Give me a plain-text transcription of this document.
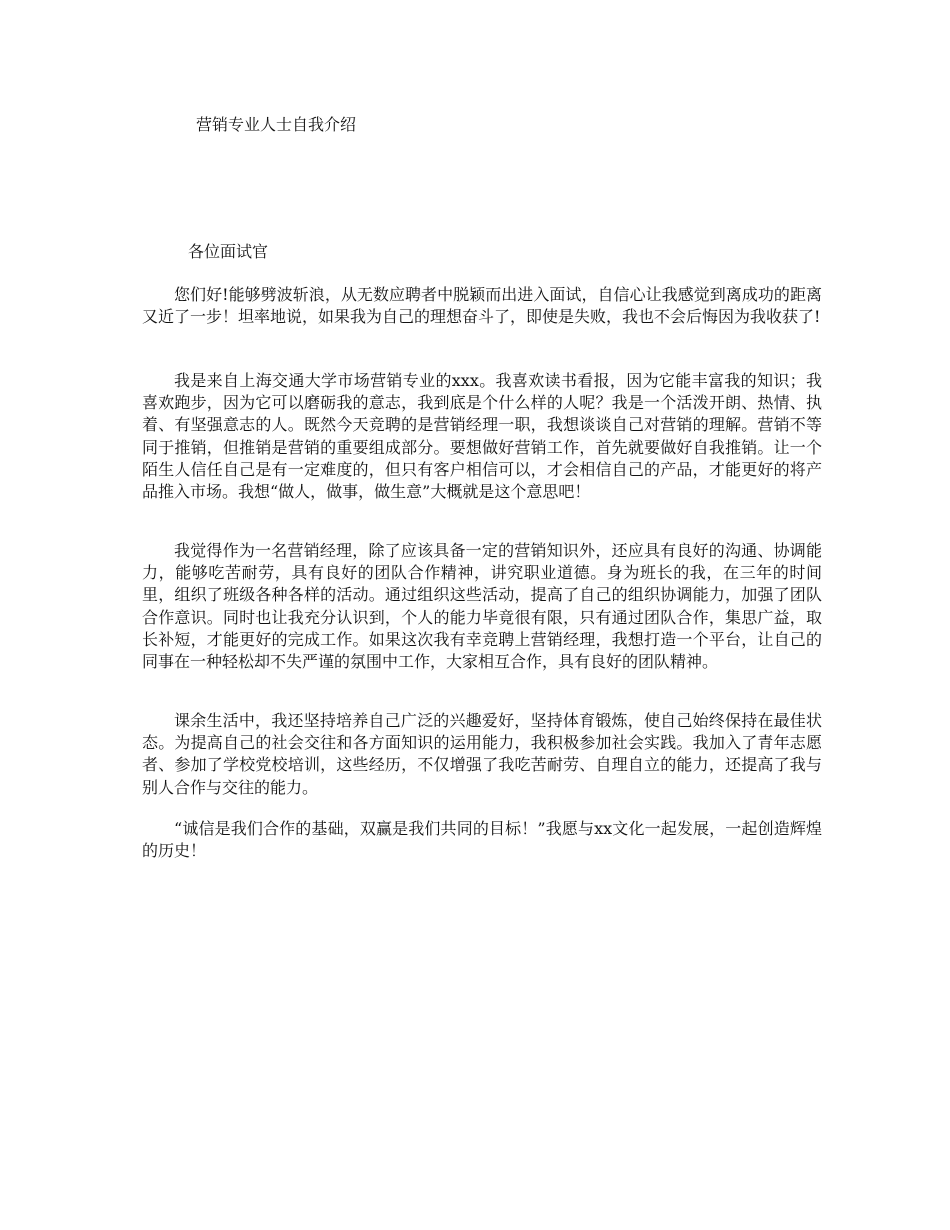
营销专业人士自我介绍

各位面试官

您们好!能够劈波斩浪，从无数应聘者中脱颖而出进入面试，自信心让我感觉到离成功的距离又近了一步！坦率地说，如果我为自己的理想奋斗了，即使是失败，我也不会后悔因为我收获了!

我是来自上海交通大学市场营销专业的xxx。我喜欢读书看报，因为它能丰富我的知识；我喜欢跑步，因为它可以磨砺我的意志，我到底是个什么样的人呢？我是一个活泼开朗、热情、执着、有坚强意志的人。既然今天竞聘的是营销经理一职，我想谈谈自己对营销的理解。营销不等同于推销，但推销是营销的重要组成部分。要想做好营销工作，首先就要做好自我推销。让一个陌生人信任自己是有一定难度的，但只有客户相信可以，才会相信自己的产品，才能更好的将产品推入市场。我想“做人，做事，做生意”大概就是这个意思吧！

我觉得作为一名营销经理，除了应该具备一定的营销知识外，还应具有良好的沟通、协调能力，能够吃苦耐劳，具有良好的团队合作精神，讲究职业道德。身为班长的我，在三年的时间里，组织了班级各种各样的活动。通过组织这些活动，提高了自己的组织协调能力，加强了团队合作意识。同时也让我充分认识到，个人的能力毕竟很有限，只有通过团队合作，集思广益，取长补短，才能更好的完成工作。如果这次我有幸竞聘上营销经理，我想打造一个平台，让自己的同事在一种轻松却不失严谨的氛围中工作，大家相互合作，具有良好的团队精神。

课余生活中，我还坚持培养自己广泛的兴趣爱好，坚持体育锻炼，使自己始终保持在最佳状态。为提高自己的社会交往和各方面知识的运用能力，我积极参加社会实践。我加入了青年志愿者、参加了学校党校培训，这些经历，不仅增强了我吃苦耐劳、自理自立的能力，还提高了我与别人合作与交往的能力。

“诚信是我们合作的基础，双赢是我们共同的目标！”我愿与xx文化一起发展，一起创造辉煌的历史！
